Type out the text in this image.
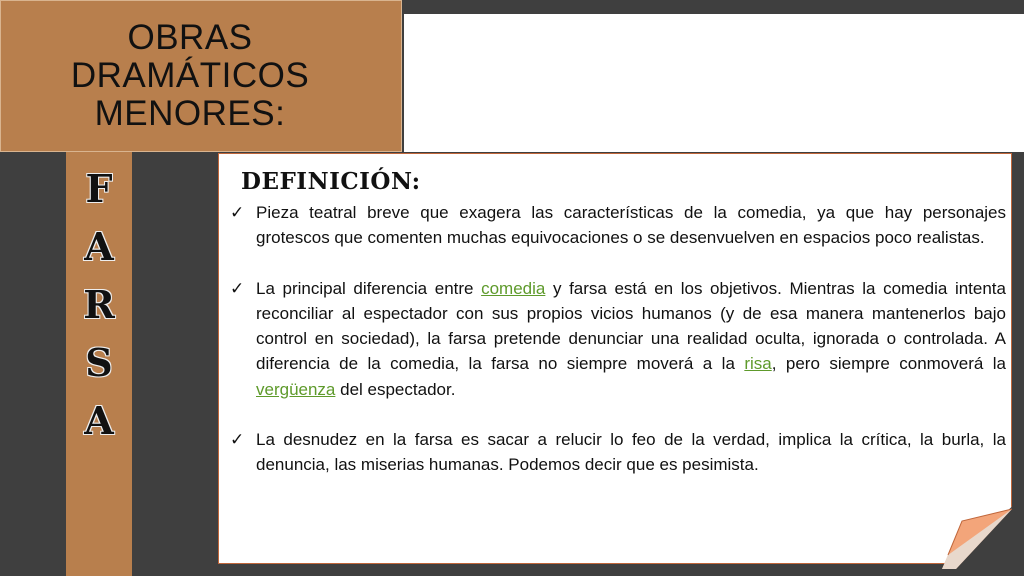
OBRAS
DRAMÁTICOS
MENORES:
F
A
R
S
A
DEFINICIÓN:
✓ Pieza teatral breve que exagera las características de la comedia, ya que hay personajes grotescos que comenten muchas equivocaciones o se desenvuelven en espacios poco realistas.
✓ La principal diferencia entre comedia y farsa está en los objetivos. Mientras la comedia intenta reconciliar al espectador con sus propios vicios humanos (y de esa manera mantenerlos bajo control en sociedad), la farsa pretende denunciar una realidad oculta, ignorada o controlada. A diferencia de la comedia, la farsa no siempre moverá a la risa, pero siempre conmoverá la vergüenza del espectador.
✓ La desnudez en la farsa es sacar a relucir lo feo de la verdad, implica la crítica, la burla, la denuncia, las miserias humanas. Podemos decir que es pesimista.
